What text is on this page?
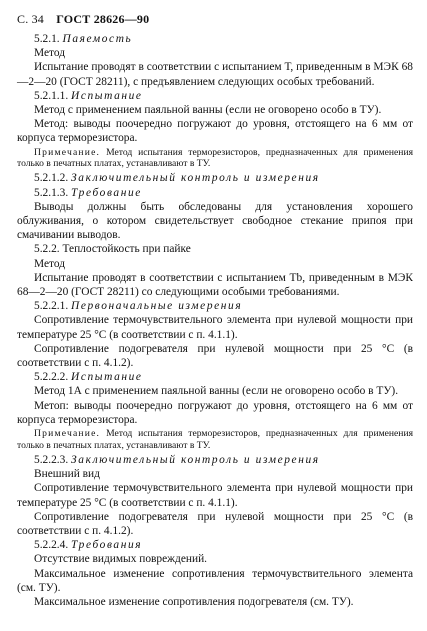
С. 34 ГОСТ 28626—90

5.2.1. Паяемость

Метод

Испытание проводят в соответствии с испытанием Т, приведенным в МЭК 68—2—20 (ГОСТ 28211), с предъявлением следующих особых требований.

5.2.1.1. Испытание

Метод с применением паяльной ванны (если не оговорено особо в ТУ).

Метод: выводы поочередно погружают до уровня, отстоящего на 6 мм от корпуса терморезистора.

Примечание. Метод испытания терморезисторов, предназначенных для применения только в печатных платах, устанавливают в ТУ.

5.2.1.2. Заключительный контроль и измерения

5.2.1.3. Требование

Выводы должны быть обследованы для установления хорошего облуживания, о котором свидетельствует свободное стекание припоя при смачивании выводов.

5.2.2. Теплостойкость при пайке

Метод

Испытание проводят в соответствии с испытанием Тb, приведенным в МЭК 68—2—20 (ГОСТ 28211) со следующими особыми требованиями.

5.2.2.1. Первоначальные измерения

Сопротивление термочувствительного элемента при нулевой мощности при температуре 25 °С (в соответствии с п. 4.1.1).

Сопротивление подогревателя при нулевой мощности при 25 °С (в соответствии с п. 4.1.2).

5.2.2.2. Испытание

Метод 1А с применением паяльной ванны (если не оговорено особо в ТУ).

Метоп: выводы поочередно погружают до уровня, отстоящего на 6 мм от корпуса терморезистора.

Примечание. Метод испытания терморезисторов, предназначенных для применения только в печатных платах, устанавливают в ТУ.

5.2.2.3. Заключительный контроль и измерения

Внешний вид

Сопротивление термочувствительного элемента при нулевой мощности при температуре 25 °С (в соответствии с п. 4.1.1).

Сопротивление подогревателя при нулевой мощности при 25 °С (в соответствии с п. 4.1.2).

5.2.2.4. Требования

Отсутствие видимых повреждений.

Максимальное изменение сопротивления термочувствительного элемента (см. ТУ).

Максимальное изменение сопротивления подогревателя (см. ТУ).
